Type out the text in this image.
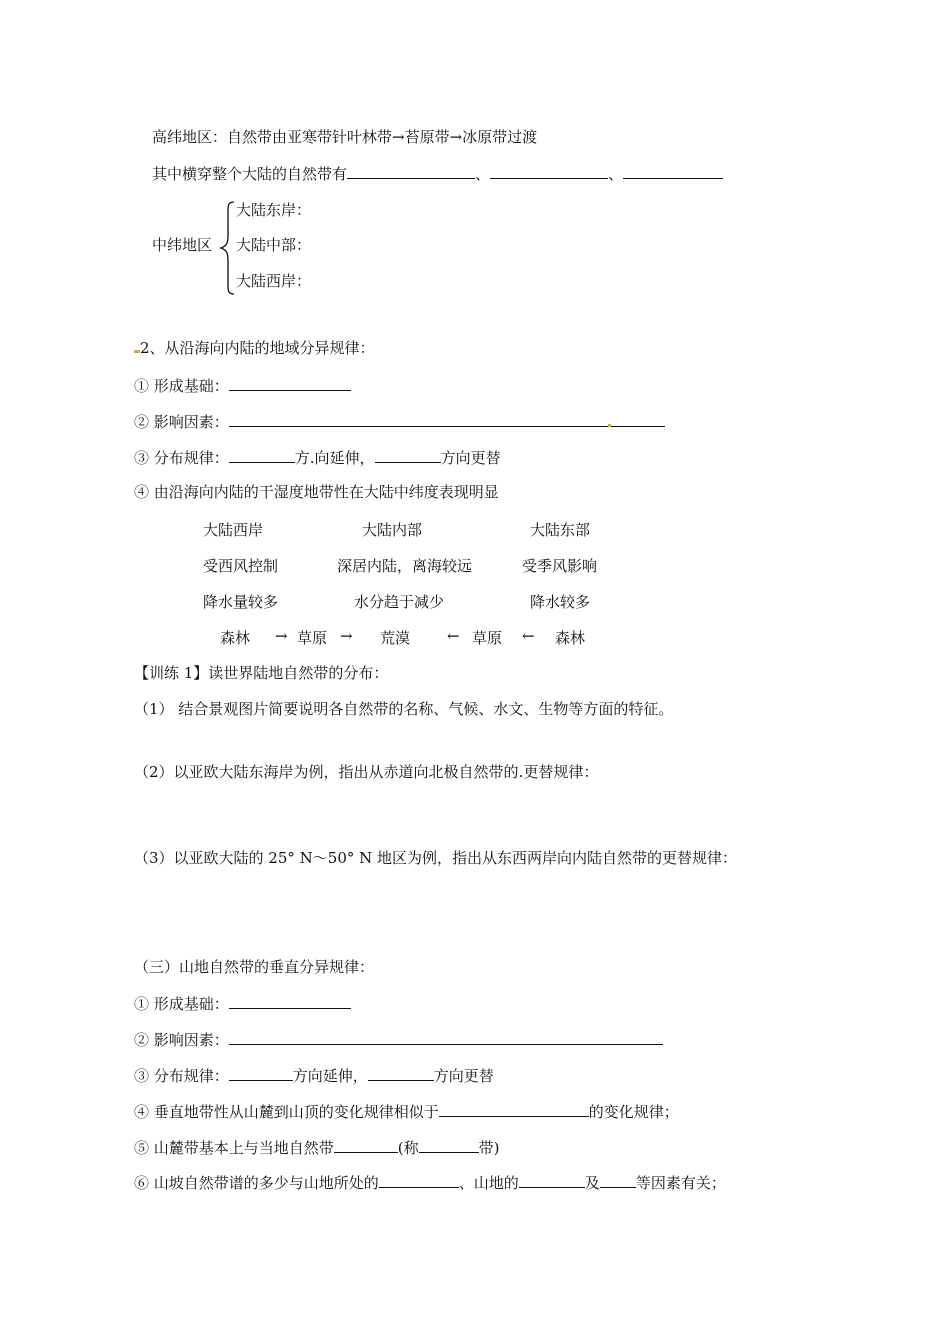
高纬地区：自然带由亚寒带针叶林带→苔原带→冰原带过渡
其中横穿整个大陆的自然带有	、	、
中纬地区
大陆东岸：
大陆中部：
大陆西岸：
2、从沿海向内陆的地域分异规律：
① 形成基础：
② 影响因素：
③ 分布规律：	方.向延伸，	方向更替
④ 由沿海向内陆的干湿度地带性在大陆中纬度表现明显
大陆西岸	大陆内部	大陆东部
受西风控制	深居内陆，离海较远	受季风影响
降水量较多	水分趋于减少	降水较多
森林 → 草原 → 荒漠 ← 草原 ← 森林
【训练 1】读世界陆地自然带的分布：
（1） 结合景观图片简要说明各自然带的名称、气候、水文、生物等方面的特征。
（2）以亚欧大陆东海岸为例，指出从赤道向北极自然带的.更替规律：
（3）以亚欧大陆的 25° N～50° N 地区为例，指出从东西两岸向内陆自然带的更替规律：
（三）山地自然带的垂直分异规律：
① 形成基础：
② 影响因素：
③ 分布规律：	方向延伸，	方向更替
④ 垂直地带性从山麓到山顶的变化规律相似于	的变化规律；
⑤ 山麓带基本上与当地自然带	(称	带)
⑥ 山坡自然带谱的多少与山地所处的	、山地的	及 等因素有关；
